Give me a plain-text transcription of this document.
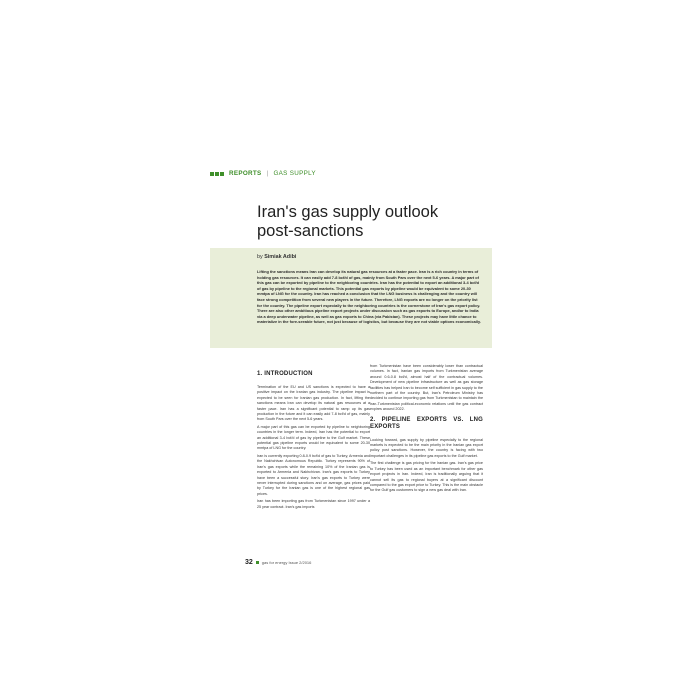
REPORTS | GAS SUPPLY
Iran's gas supply outlook
post-sanctions
by Simiak Adibi

Lifting the sanctions means Iran can develop its natural gas resources at a faster pace. Iran is a rich country in terms of holding gas resources. It can easily add 7-8 bcf/d of gas, mainly from South Pars over the next 5-6 years. A major part of this gas can be exported by pipeline to the neighboring countries. Iran has the potential to export an additional 3-4 bcf/d of gas by pipeline to the regional markets. This potential gas exports by pipeline would be equivalent to some 20-30 mmtpa of LNG for the country. Iran has reached a conclusion that the LNG business is challenging and the country will face strong competition from several new players in the future. Therefore, LNG exports are no longer on the priority list for the country. The pipeline export especially to the neighboring countries is the cornerstone of Iran's gas export policy. There are also other ambitious pipeline export projects under discussion such as gas exports to Europe, and/or to India via a deep underwater pipeline, as well as gas exports to China (via Pakistan). These projects may have little chance to materialize in the fore-seeable future, not just because of logistics, but because they are not viable options economically.

1. INTRODUCTION

Termination of the EU and US sanctions is expected to have a positive impact on the Iranian gas industry. The pipeline impact is expected to be seen for Iranian gas production. In fact, lifting the sanctions means Iran can develop its natural gas resources at a faster pace. Iran has a significant potential to ramp up its gas production in the future and it can easily add 7-8 bcf/d of gas, mainly from South Pars over the next 5-6 years.

A major part of this gas can be exported by pipeline to neighboring countries in the longer term. Indeed, Iran has the potential to export an additional 3-4 bcf/d of gas by pipeline to the Gulf market. These potential gas pipeline exports would be equivalent to some 20-30 mmtpa of LNG for the country.

Iran is currently exporting 0.8-0.9 bcf/d of gas to Turkey, Armenia and the Nakhchivan Autonomous Republic. Turkey represents 90% of Iran's gas exports while the remaining 10% of the Iranian gas is exported to Armenia and Nakhchivan. Iran's gas exports to Turkey have been a successful story. Iran's gas exports to Turkey were never interrupted during sanctions and on average, gas prices paid by Turkey for the Iranian gas is one of the highest regional gas prices.

Iran has been importing gas from Turkmenistan since 1997 under a 25 year contract. Iran's gas imports

from Turkmenistan have been considerably lower than contractual volumes. In fact, Iranian gas imports from Turkmenistan average around 0.6-0.8 bcf/d, almost half of the contractual volumes. Development of new pipeline infrastructure as well as gas storage facilities has helped Iran to become self sufficient in gas supply to the northern part of the country. But, Iran's Petroleum Ministry has decided to continue importing gas from Turkmenistan to maintain the Iran-Turkmenistan political-economic relations until the gas contract expires around 2022.

2. PIPELINE EXPORTS VS. LNG EXPORTS

Looking forward, gas supply by pipeline especially to the regional markets is expected to be the main priority in the Iranian gas export policy post sanctions. However, the country is facing with two important challenges in its pipeline gas exports to the Gulf market.

The first challenge is gas pricing for the Iranian gas. Iran's gas price to Turkey has been used as an important benchmark for other gas export projects in Iran. Indeed, Iran is traditionally arguing that it cannot sell its gas to regional buyers at a significant discount compared to the gas export price to Turkey. This is the main obstacle for the Gulf gas customers to sign a new gas deal with Iran.

32 gas for energy Issue 2/2016
